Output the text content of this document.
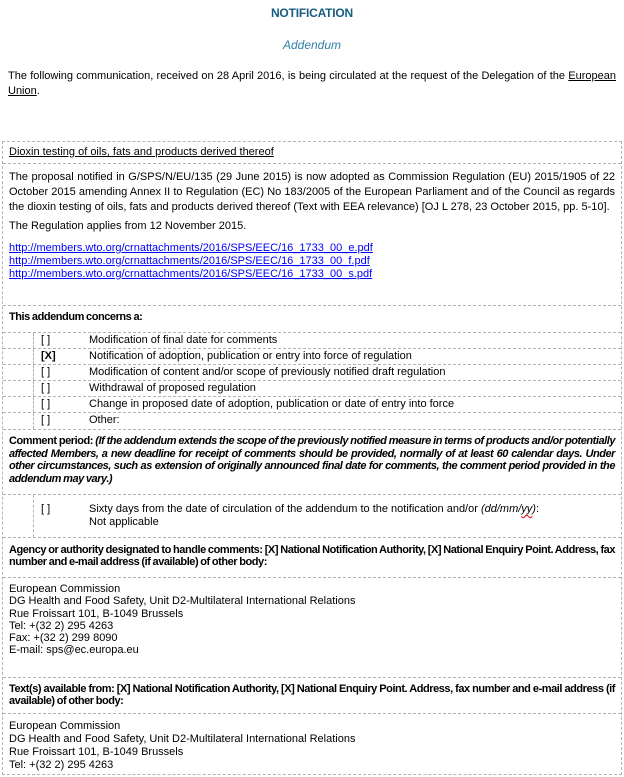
NOTIFICATION
Addendum

The following communication, received on 28 April 2016, is being circulated at the request of the Delegation of the European Union.

Dioxin testing of oils, fats and products derived thereof

The proposal notified in G/SPS/N/EU/135 (29 June 2015) is now adopted as Commission Regulation (EU) 2015/1905 of 22 October 2015 amending Annex II to Regulation (EC) No 183/2005 of the European Parliament and of the Council as regards the dioxin testing of oils, fats and products derived thereof (Text with EEA relevance) [OJ L 278, 23 October 2015, pp. 5-10].

The Regulation applies from 12 November 2015.

http://members.wto.org/crnattachments/2016/SPS/EEC/16_1733_00_e.pdf
http://members.wto.org/crnattachments/2016/SPS/EEC/16_1733_00_f.pdf
http://members.wto.org/crnattachments/2016/SPS/EEC/16_1733_00_s.pdf
This addendum concerns a:
[ ]	Modification of final date for comments
[X]	Notification of adoption, publication or entry into force of regulation
[ ]	Modification of content and/or scope of previously notified draft regulation
[ ]	Withdrawal of proposed regulation
[ ]	Change in proposed date of adoption, publication or date of entry into force
[ ]	Other:
Comment period: (If the addendum extends the scope of the previously notified measure in terms of products and/or potentially affected Members, a new deadline for receipt of comments should be provided, normally of at least 60 calendar days. Under other circumstances, such as extension of originally announced final date for comments, the comment period provided in the addendum may vary.)
[ ]	Sixty days from the date of circulation of the addendum to the notification and/or (dd/mm/yy):
Not applicable
Agency or authority designated to handle comments: [X] National Notification Authority, [X] National Enquiry Point. Address, fax number and e-mail address (if available) of other body:
European Commission
DG Health and Food Safety, Unit D2-Multilateral International Relations
Rue Froissart 101, B-1049 Brussels
Tel: +(32 2) 295 4263
Fax: +(32 2) 299 8090
E-mail: sps@ec.europa.eu
Text(s) available from: [X] National Notification Authority, [X] National Enquiry Point. Address, fax number and e-mail address (if available) of other body:
European Commission
DG Health and Food Safety, Unit D2-Multilateral International Relations
Rue Froissart 101, B-1049 Brussels
Tel: +(32 2) 295 4263
